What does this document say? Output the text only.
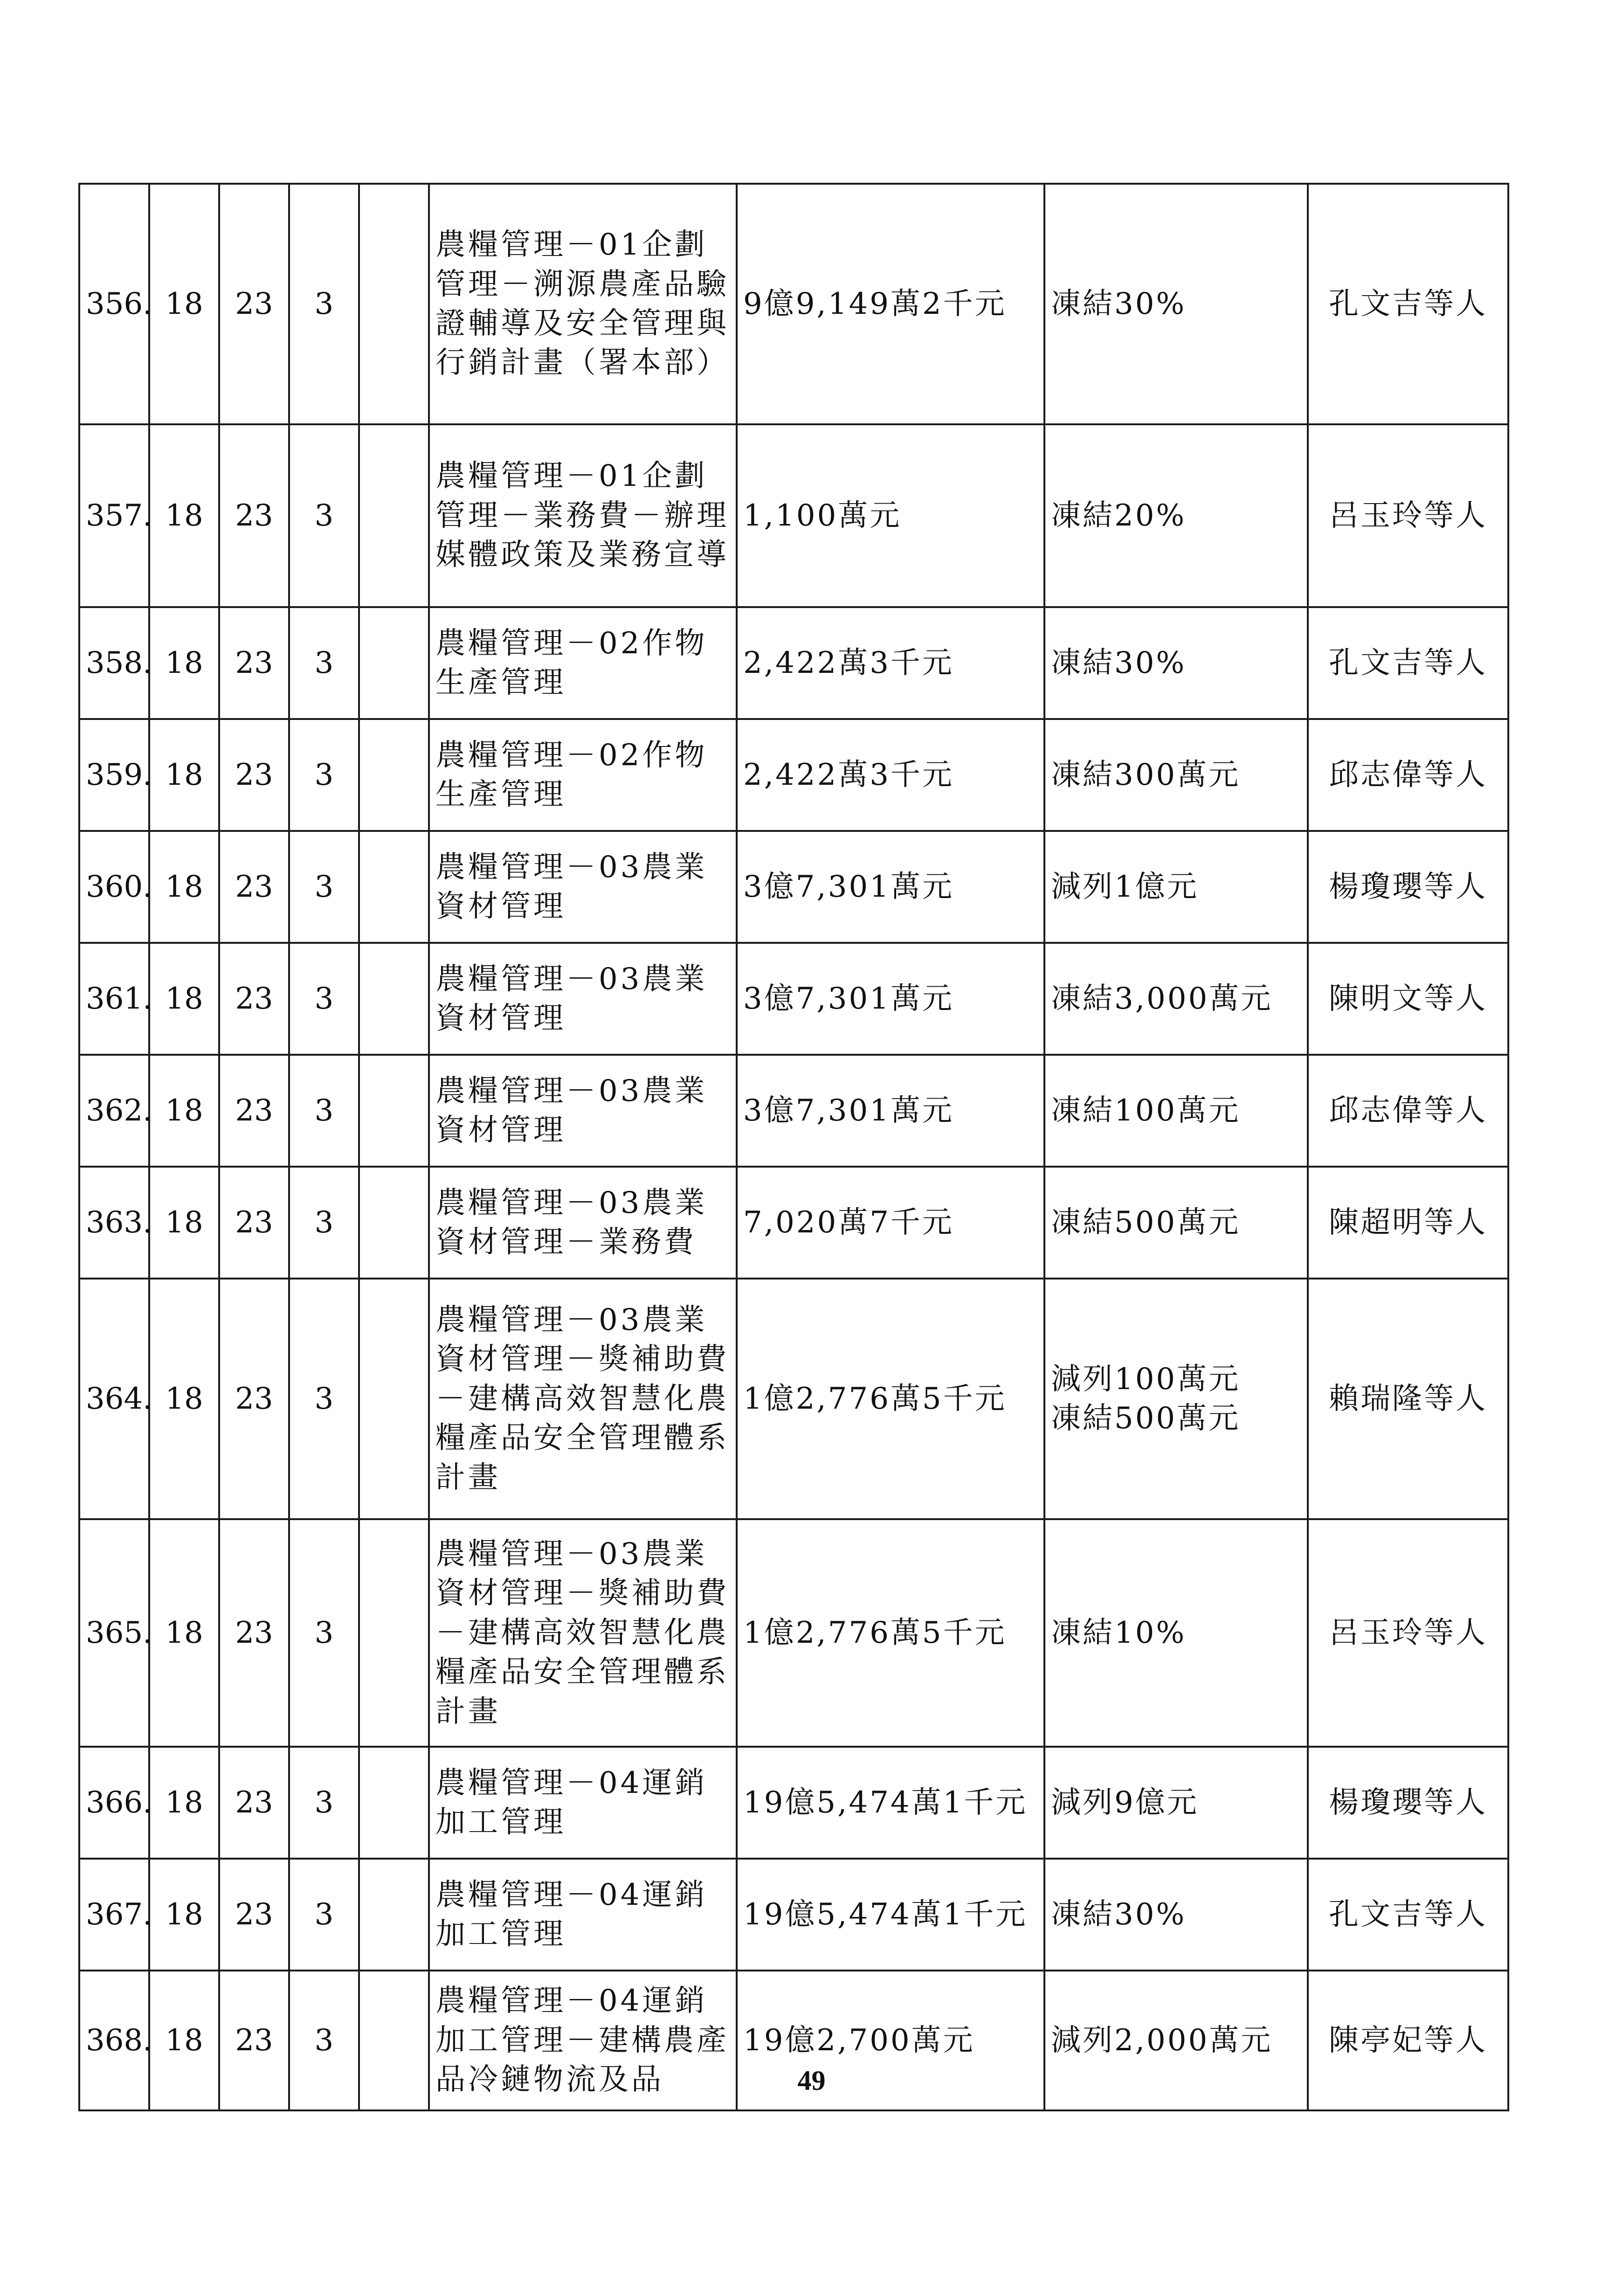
356.	18	23	3		農糧管理－01企劃管理－溯源農產品驗證輔導及安全管理與行銷計畫（署本部）	9億9,149萬2千元	凍結30%	孔文吉等人
357.	18	23	3		農糧管理－01企劃管理－業務費－辦理媒體政策及業務宣導	1,100萬元	凍結20%	呂玉玲等人
358.	18	23	3		農糧管理－02作物生產管理	2,422萬3千元	凍結30%	孔文吉等人
359.	18	23	3		農糧管理－02作物生產管理	2,422萬3千元	凍結300萬元	邱志偉等人
360.	18	23	3		農糧管理－03農業資材管理	3億7,301萬元	減列1億元	楊瓊瓔等人
361.	18	23	3		農糧管理－03農業資材管理	3億7,301萬元	凍結3,000萬元	陳明文等人
362.	18	23	3		農糧管理－03農業資材管理	3億7,301萬元	凍結100萬元	邱志偉等人
363.	18	23	3		農糧管理－03農業資材管理－業務費	7,020萬7千元	凍結500萬元	陳超明等人
364.	18	23	3		農糧管理－03農業資材管理－獎補助費－建構高效智慧化農糧產品安全管理體系計畫	1億2,776萬5千元	減列100萬元
凍結500萬元	賴瑞隆等人
365.	18	23	3		農糧管理－03農業資材管理－獎補助費－建構高效智慧化農糧產品安全管理體系計畫	1億2,776萬5千元	凍結10%	呂玉玲等人
366.	18	23	3		農糧管理－04運銷加工管理	19億5,474萬1千元	減列9億元	楊瓊瓔等人
367.	18	23	3		農糧管理－04運銷加工管理	19億5,474萬1千元	凍結30%	孔文吉等人
368.	18	23	3		農糧管理－04運銷加工管理－建構農產品冷鏈物流及品	19億2,700萬元	減列2,000萬元	陳亭妃等人
49
